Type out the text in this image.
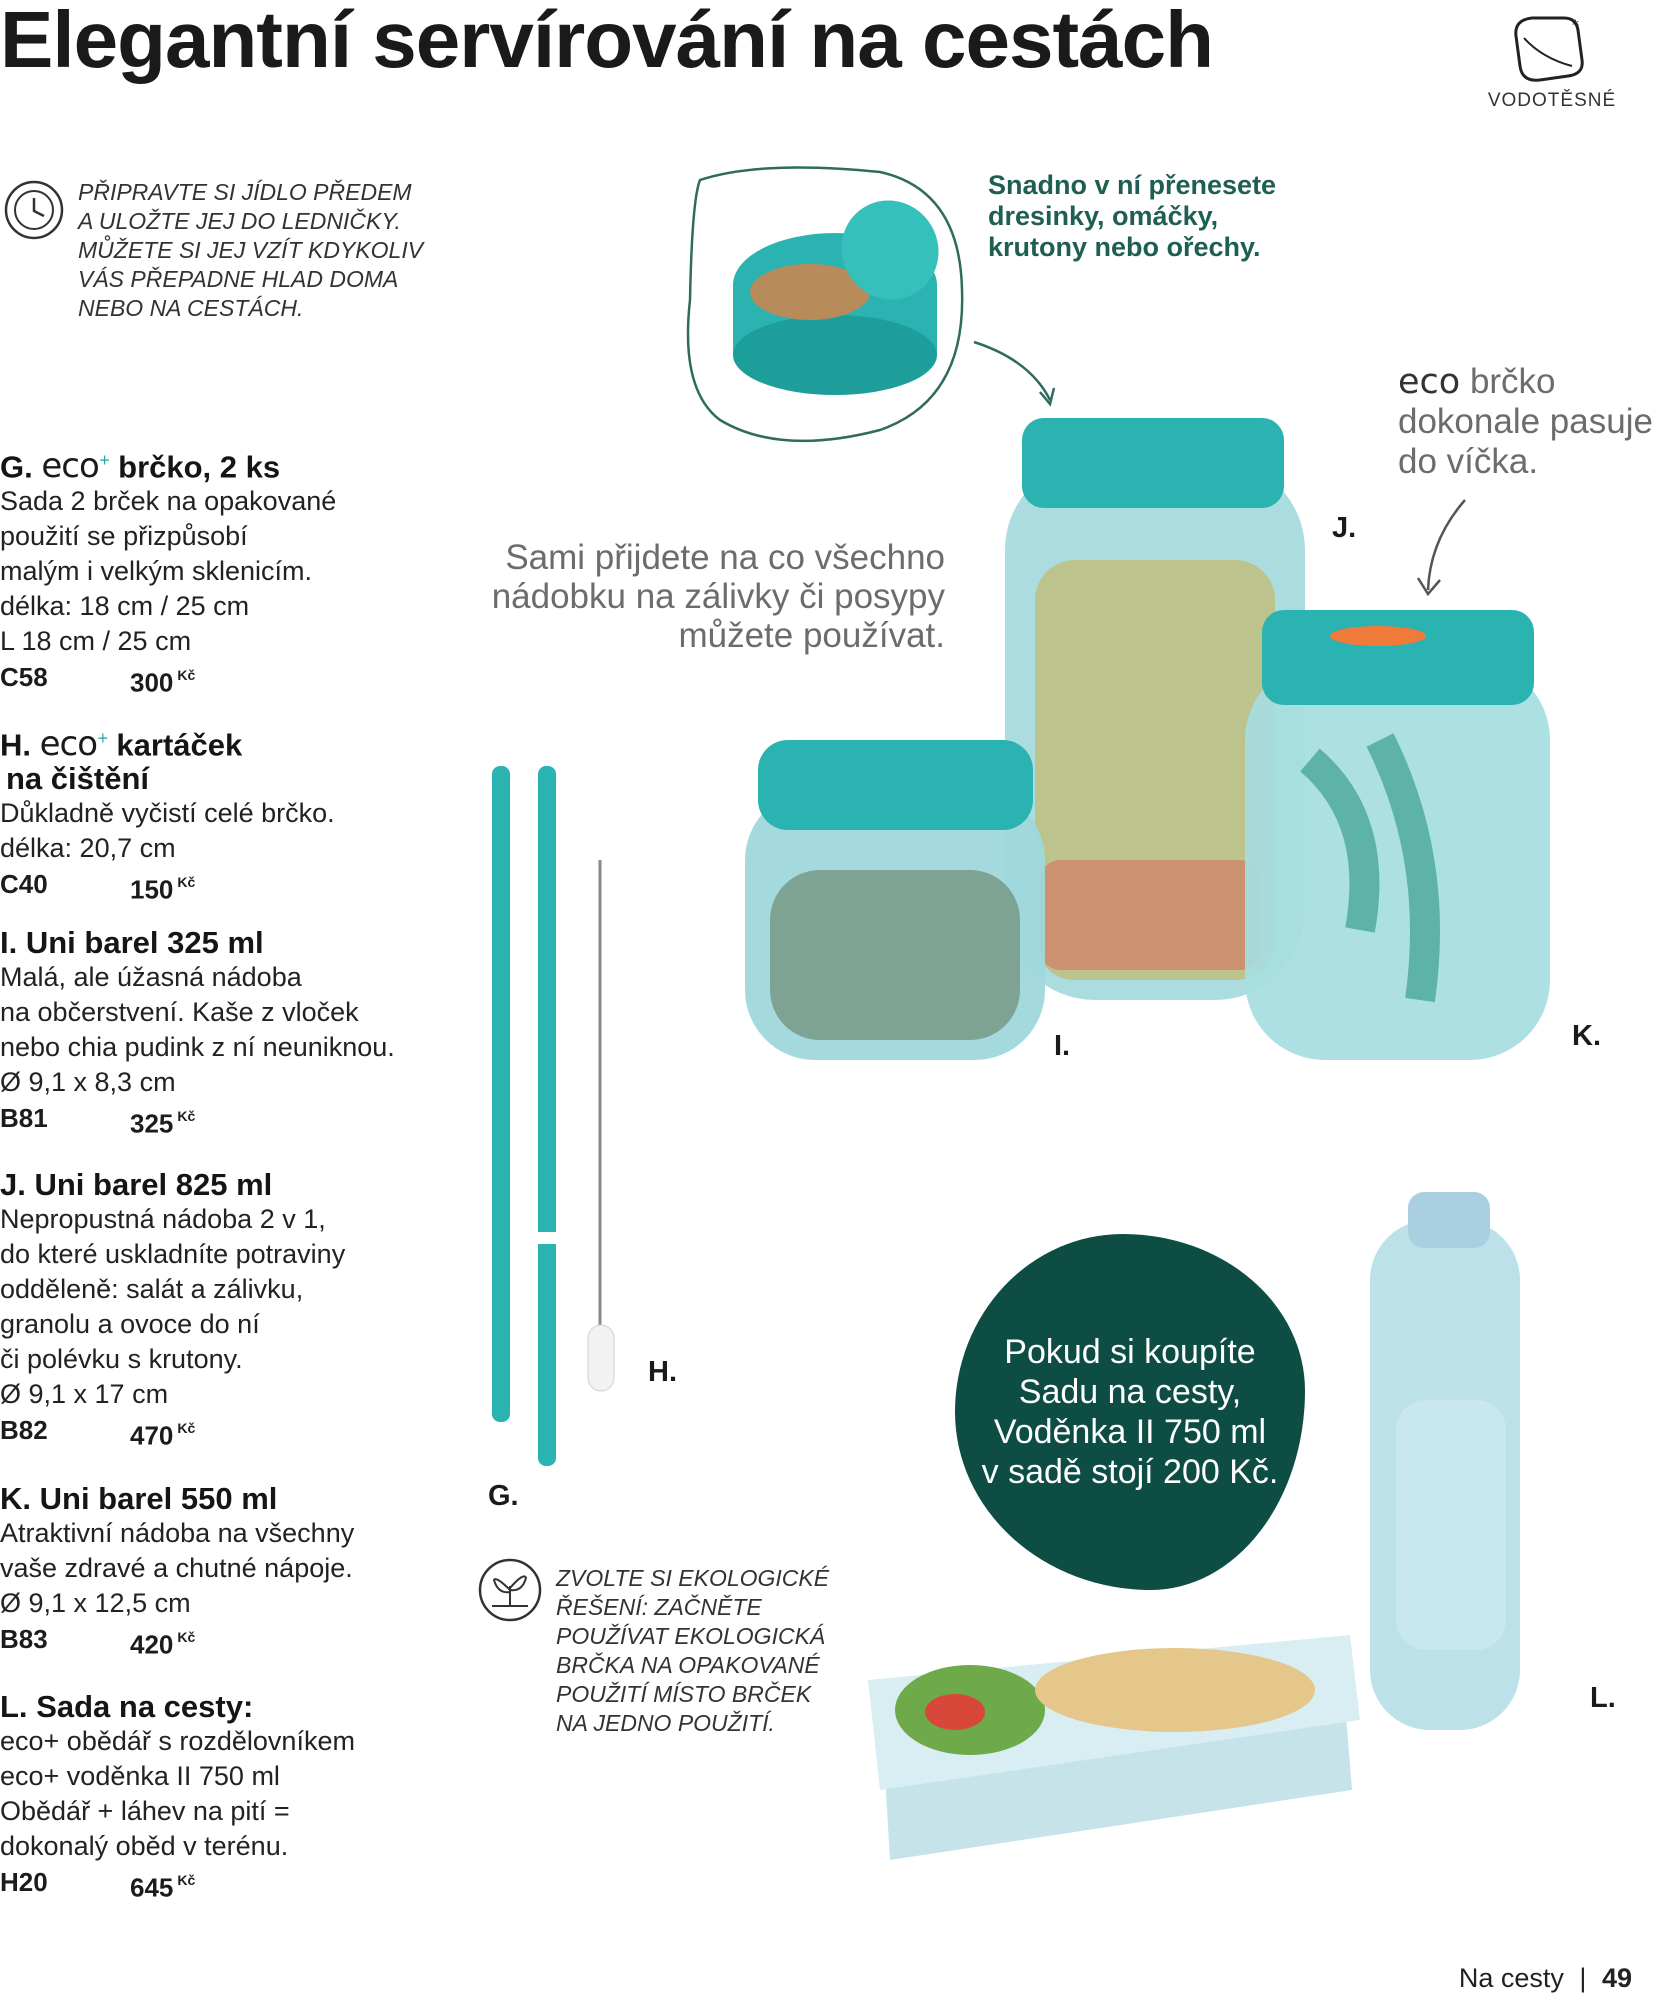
Elegantní servírování na cestách	*
VODOTĚSNÉ
PŘIPRAVTE SI JÍDLO PŘEDEM
A ULOŽTE JEJ DO LEDNIČKY.
MŮŽETE SI JEJ VZÍT KDYKOLIV
VÁS PŘEPADNE HLAD DOMA
NEBO NA CESTÁCH.
Snadno v ní přenesete
dresinky, omáčky,
krutony nebo ořechy.
Sami přijdete na co všechno
nádobku na zálivky či posypy
můžete používat.
eco brčko
dokonale pasuje
do víčka.
J.
I.	K.
H.
G.
L.
Pokud si koupíte
Sadu na cesty,
Voděnka II 750 ml
v sadě stojí 200 Kč.
ZVOLTE SI EKOLOGICKÉ
ŘEŠENÍ: ZAČNĚTE
POUŽÍVAT EKOLOGICKÁ
BRČKA NA OPAKOVANÉ
POUŽITÍ MÍSTO BRČEK
NA JEDNO POUŽITÍ.
G. eco+ brčko, 2 ks
Sada 2 brček na opakované
použití se přizpůsobí
malým i velkým sklenicím.
délka: 18 cm / 25 cm
L 18 cm / 25 cm
C58	300 $^{Kč}$
H. eco+ kartáček
na čištění
Důkladně vyčistí celé brčko.
délka: 20,7 cm
C40	150 $^{Kč}$
I. Uni barel 325 ml
Malá, ale úžasná nádoba
na občerstvení. Kaše z vloček
nebo chia pudink z ní neuniknou.
Ø 9,1 x 8,3 cm
B81	325 $^{Kč}$
J. Uni barel 825 ml
Nepropustná nádoba 2 v 1,
do které uskladníte potraviny
odděleně: salát a zálivku,
granolu a ovoce do ní
či polévku s krutony.
Ø 9,1 x 17 cm
B82	470 $^{Kč}$
K. Uni barel 550 ml
Atraktivní nádoba na všechny
vaše zdravé a chutné nápoje.
Ø 9,1 x 12,5 cm
B83	420 $^{Kč}$
L. Sada na cesty:
eco+ obědář s rozdělovníkem
eco+ voděnka II 750 ml
Obědář + láhev na pití =
dokonalý oběd v terénu.
H20	645 $^{Kč}$
Na cesty | 49
